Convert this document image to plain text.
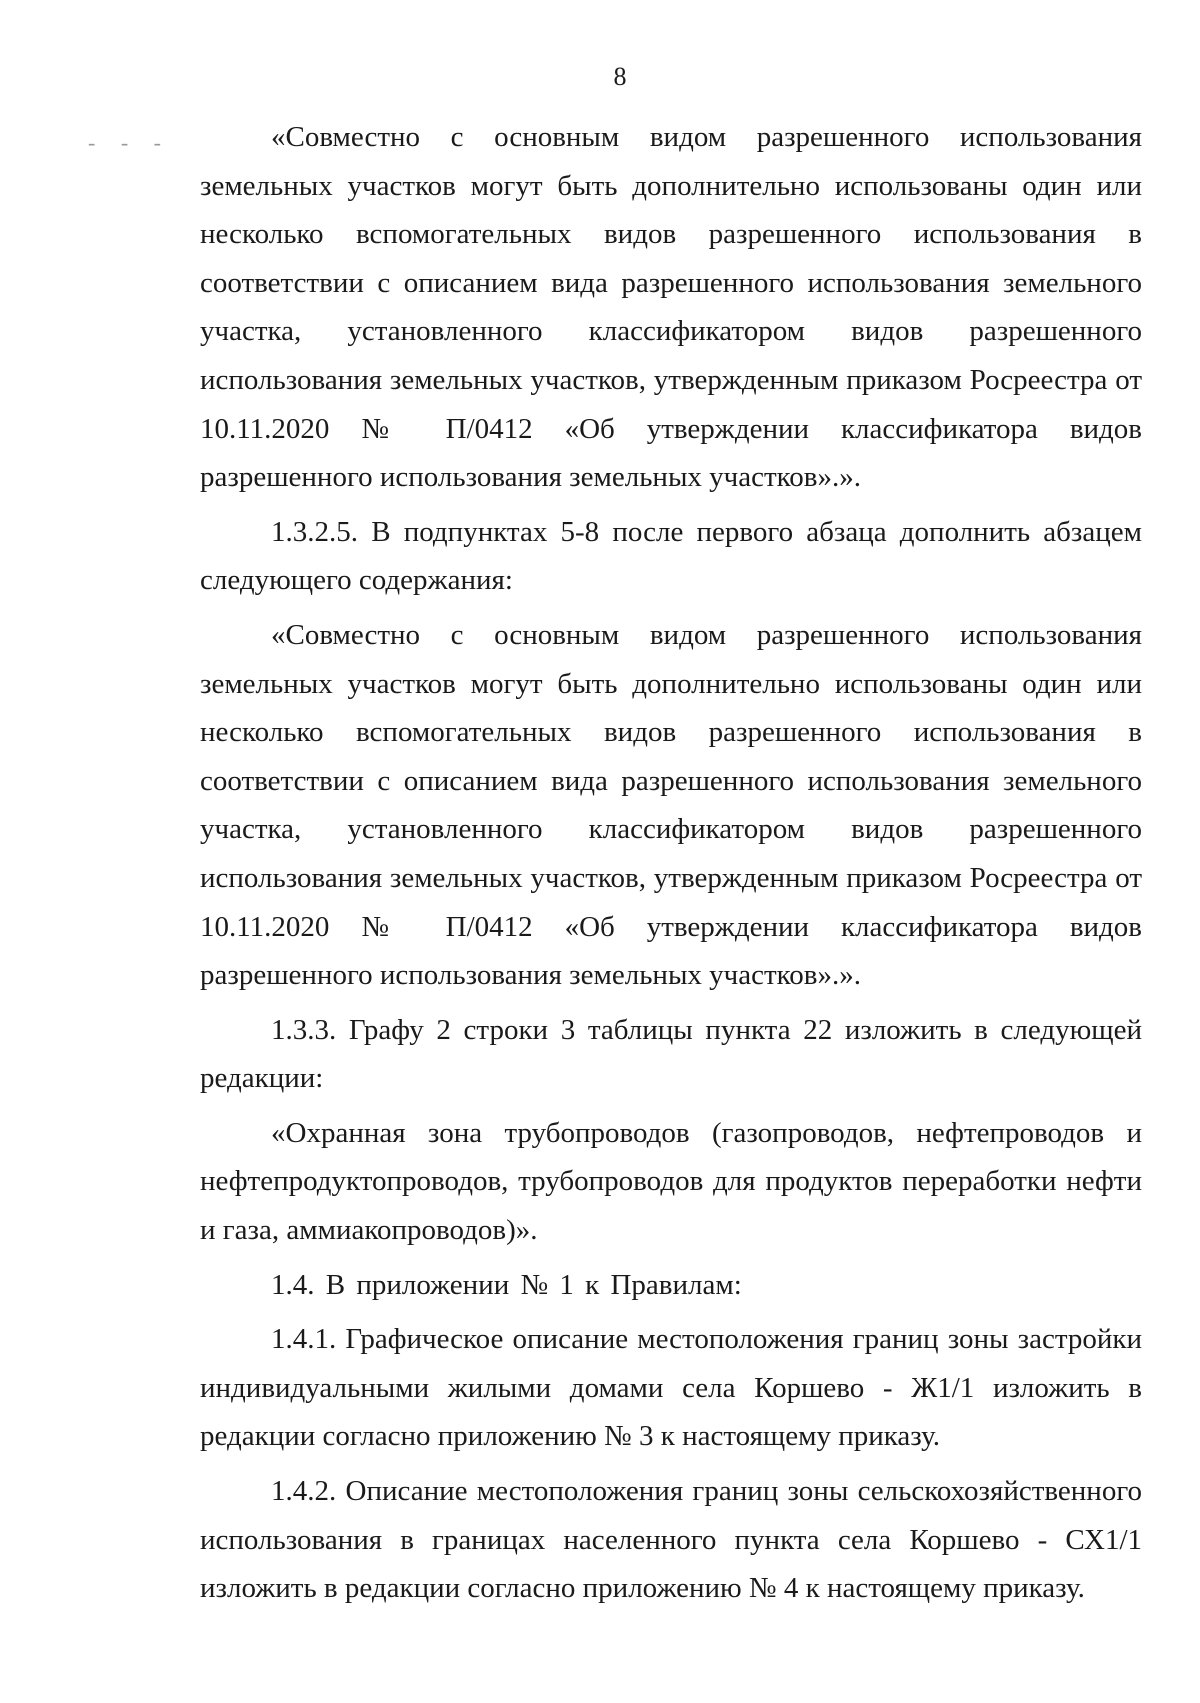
8
- - -	«Совместно с основным видом разрешенного использования земельных участков могут быть дополнительно использованы один или несколько вспомогательных видов разрешенного использования в соответствии с описанием вида разрешенного использования земельного участка, установленного классификатором видов разрешенного использования земельных участков, утвержденным приказом Росреестра от 10.11.2020 № П/0412 «Об утверждении классификатора видов разрешенного использования земельных участков».».

1.3.2.5. В подпунктах 5-8 после первого абзаца дополнить абзацем следующего содержания:

«Совместно с основным видом разрешенного использования земельных участков могут быть дополнительно использованы один или несколько вспомогательных видов разрешенного использования в соответствии с описанием вида разрешенного использования земельного участка, установленного классификатором видов разрешенного использования земельных участков, утвержденным приказом Росреестра от 10.11.2020 № П/0412 «Об утверждении классификатора видов разрешенного использования земельных участков».».

1.3.3. Графу 2 строки 3 таблицы пункта 22 изложить в следующей редакции:

«Охранная зона трубопроводов (газопроводов, нефтепроводов и нефтепродуктопроводов, трубопроводов для продуктов переработки нефти и газа, аммиакопроводов)».

1.4. В приложении № 1 к Правилам:

1.4.1. Графическое описание местоположения границ зоны застройки индивидуальными жилыми домами села Коршево - Ж1/1 изложить в редакции согласно приложению № 3 к настоящему приказу.

1.4.2. Описание местоположения границ зоны сельскохозяйственного использования в границах населенного пункта села Коршево - СХ1/1 изложить в редакции согласно приложению № 4 к настоящему приказу.
